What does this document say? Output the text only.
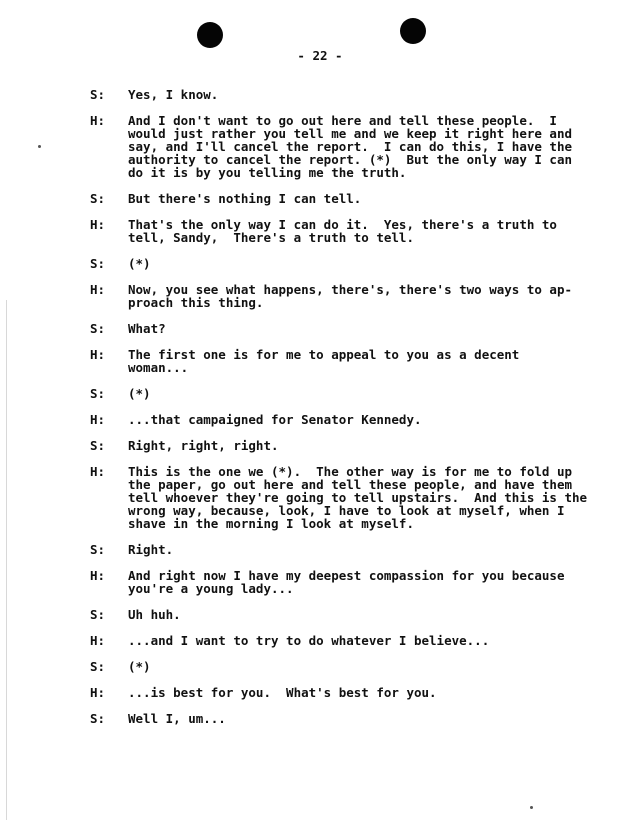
- 22 -
S:	Yes, I know.
H:	And I don't want to go out here and tell these people.  I
would just rather you tell me and we keep it right here and
say, and I'll cancel the report.  I can do this, I have the
authority to cancel the report. (*)  But the only way I can
do it is by you telling me the truth.
S:	But there's nothing I can tell.
H:	That's the only way I can do it.  Yes, there's a truth to
tell, Sandy,  There's a truth to tell.
S:	(*)
H:	Now, you see what happens, there's, there's two ways to ap-
proach this thing.
S:	What?
H:	The first one is for me to appeal to you as a decent
woman...
S:	(*)
H:	...that campaigned for Senator Kennedy.
S:	Right, right, right.
H:	This is the one we (*).  The other way is for me to fold up
the paper, go out here and tell these people, and have them
tell whoever they're going to tell upstairs.  And this is the
wrong way, because, look, I have to look at myself, when I
shave in the morning I look at myself.
S:	Right.
H:	And right now I have my deepest compassion for you because
you're a young lady...
S:	Uh huh.
H:	...and I want to try to do whatever I believe...
S:	(*)
H:	...is best for you.  What's best for you.
S:	Well I, um...
